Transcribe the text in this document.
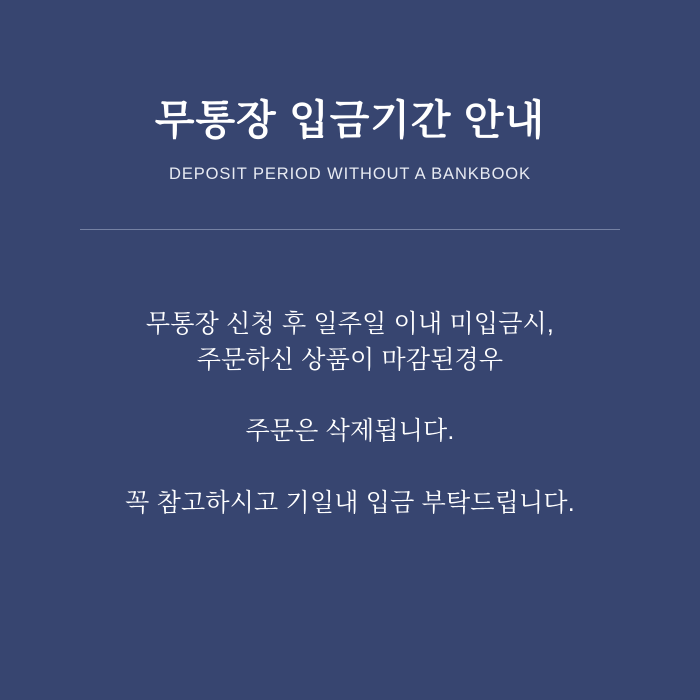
무통장 입금기간 안내
DEPOSIT PERIOD WITHOUT A BANKBOOK
무통장 신청 후 일주일 이내 미입금시,
주문하신 상품이 마감된경우
주문은 삭제됩니다.
꼭 참고하시고 기일내 입금 부탁드립니다.
